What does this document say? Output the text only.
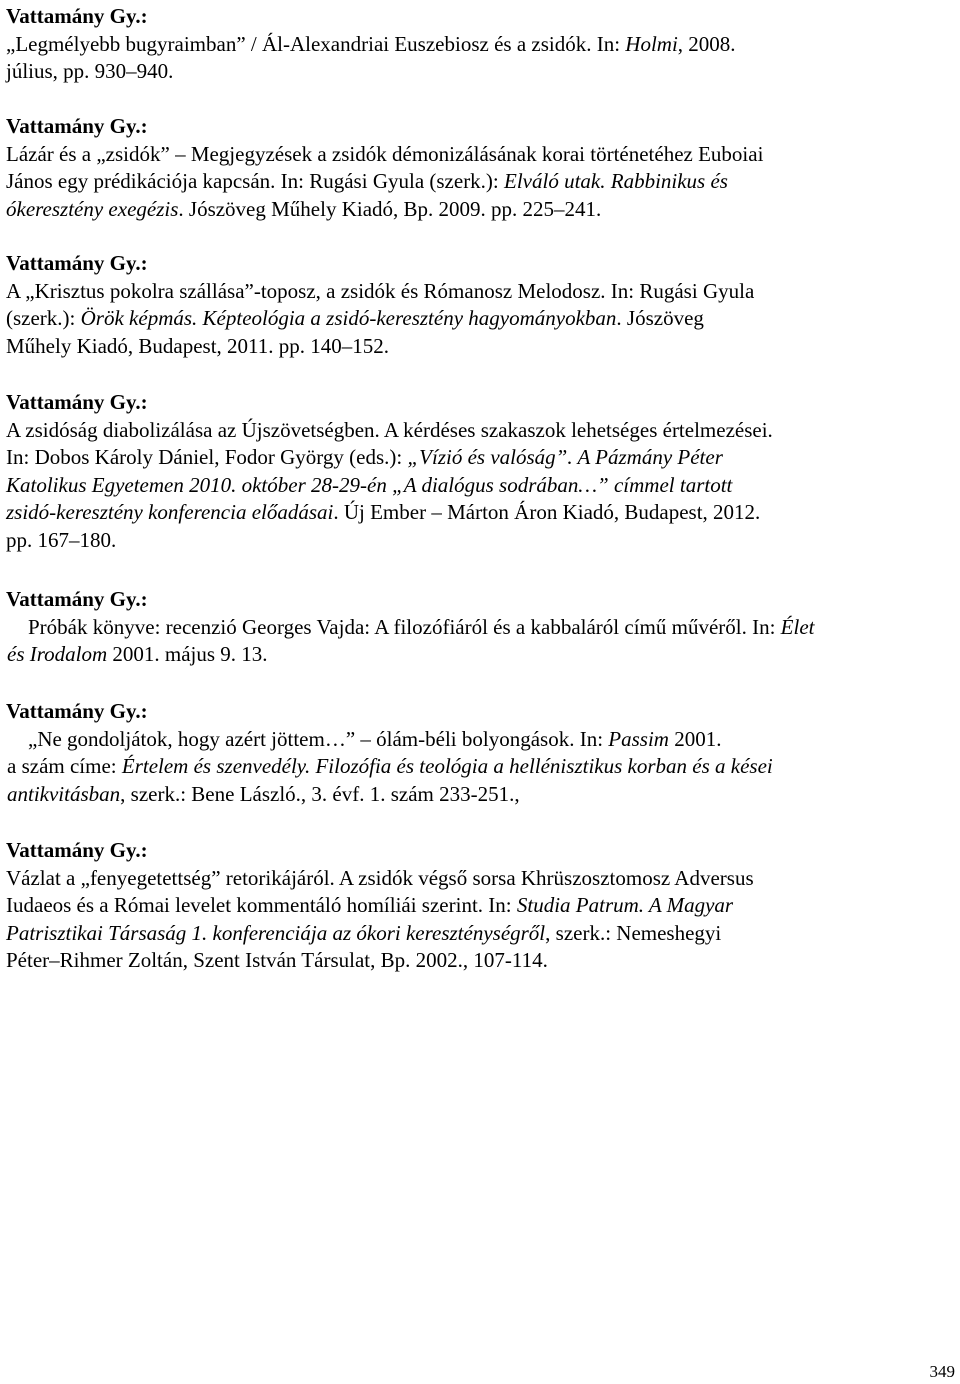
Vattamány Gy.:
„Legmélyebb bugyraimban” / Ál-Alexandriai Euszebiosz és a zsidók. In: Holmi, 2008.
július, pp. 930–940.
Vattamány Gy.:
Lázár és a „zsidók” – Megjegyzések a zsidók démonizálásának korai történetéhez Euboiai
János egy prédikációja kapcsán. In: Rugási Gyula (szerk.): Elváló utak. Rabbinikus és
ókeresztény exegézis. Jószöveg Műhely Kiadó, Bp. 2009. pp. 225–241.
Vattamány Gy.:
A „Krisztus pokolra szállása”-toposz, a zsidók és Rómanosz Melodosz. In: Rugási Gyula
(szerk.): Örök képmás. Képteológia a zsidó-keresztény hagyományokban. Jószöveg
Műhely Kiadó, Budapest, 2011. pp. 140–152.
Vattamány Gy.:
A zsidóság diabolizálása az Újszövetségben. A kérdéses szakaszok lehetséges értelmezései.
In: Dobos Károly Dániel, Fodor György (eds.): „Vízió és valóság”. A Pázmány Péter
Katolikus Egyetemen 2010. október 28-29-én „A dialógus sodrában…” címmel tartott
zsidó-keresztény konferencia előadásai. Új Ember – Márton Áron Kiadó, Budapest, 2012.
pp. 167–180.
Vattamány Gy.:
Próbák könyve: recenzió Georges Vajda: A filozófiáról és a kabbaláról című művéről. In: Élet
és Irodalom 2001. május 9. 13.
Vattamány Gy.:
„Ne gondoljátok, hogy azért jöttem…” – ólám-béli bolyongások. In: Passim 2001.
a szám címe: Értelem és szenvedély. Filozófia és teológia a hellénisztikus korban és a kései
antikvitásban, szerk.: Bene László., 3. évf. 1. szám 233-251.,
Vattamány Gy.:
Vázlat a „fenyegetettség” retorikájáról. A zsidók végső sorsa Khrüszosztomosz Adversus
Iudaeos és a Római levelet kommentáló homíliái szerint. In: Studia Patrum. A Magyar
Patrisztikai Társaság 1. konferenciája az ókori kereszténységről, szerk.: Nemeshegyi
Péter–Rihmer Zoltán, Szent István Társulat, Bp. 2002., 107-114.
349
